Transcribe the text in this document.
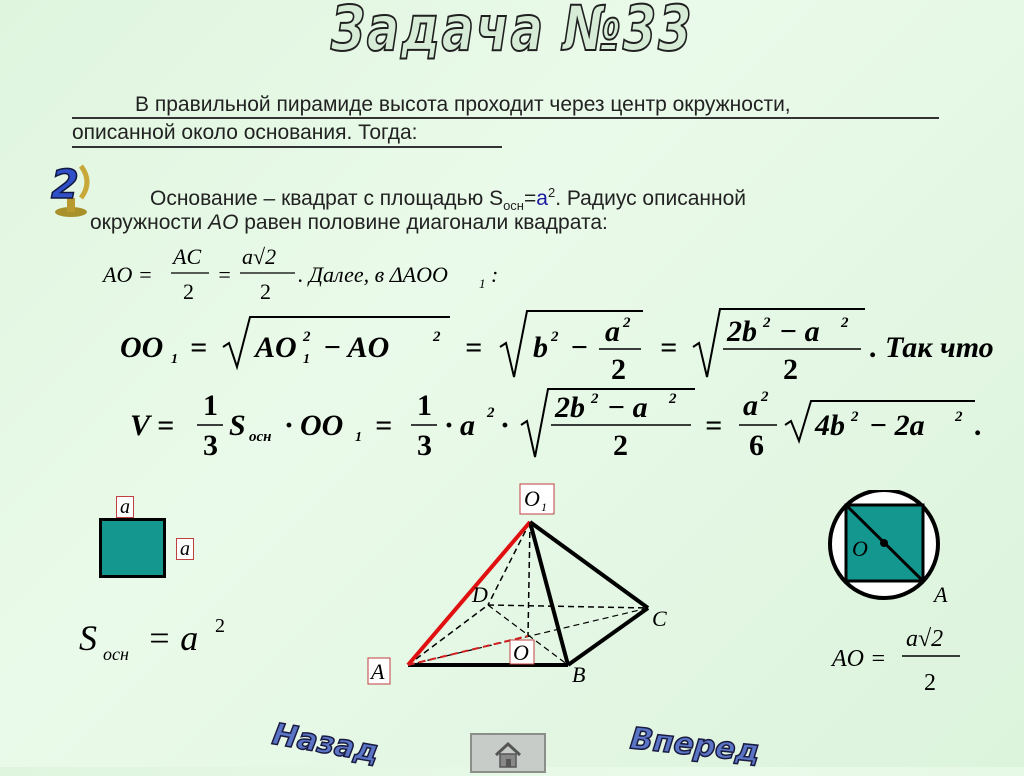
Задача №33
В правильной пирамиде высота проходит через центр окружности,
описанной около основания. Тогда:
2	Основание – квадрат с площадью $S_{осн}=a^2$. Радиус описанной
окружности AO равен половине диагонали квадрата:
AO =
AC
2
=
a√2
2
. Далее, в ΔAOO 1 :
OO 1 = AO 2
1 − AO	2 = b 2 − a 2
2
= 2b 2 − a 2
2
. Так что
V =
1
3
S осн · OO 1 =
1
3
· a 2 ·
2b 2 − a 2
2
=
a 2
6
4b 2 − 2a 2 .
a
a
S осн = a 2
O 1
A	B
C
D
O
O
A
AO =
a√2
2
Назад	Вперед
